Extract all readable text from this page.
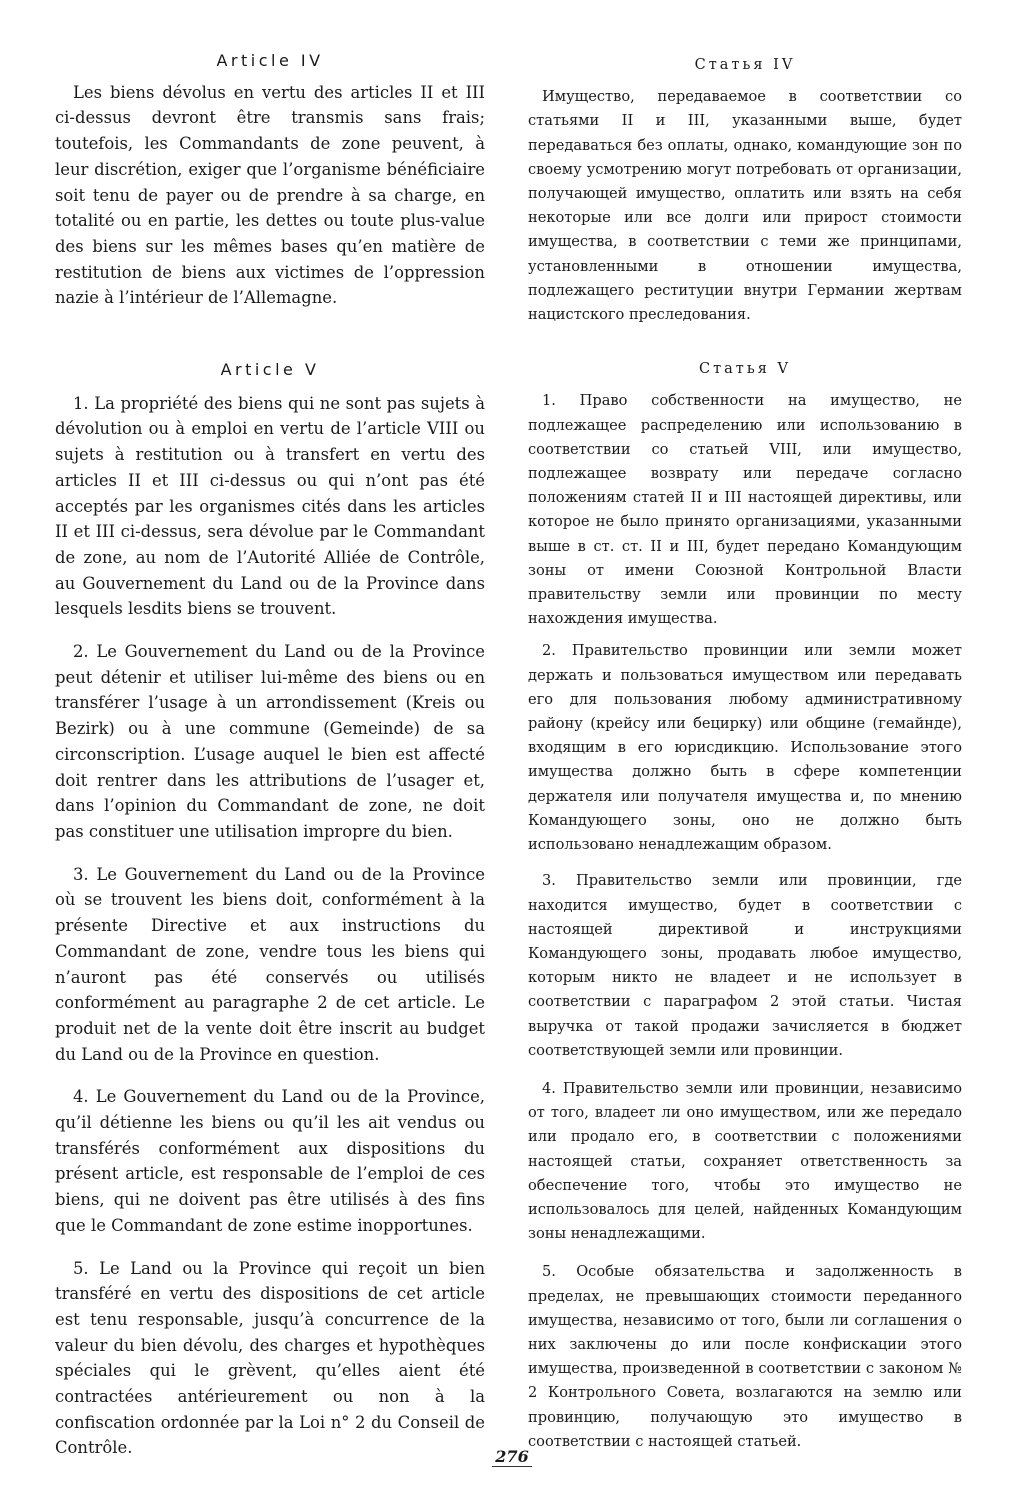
Article IV

Les biens dévolus en vertu des articles II et III ci-dessus devront être transmis sans frais; toutefois, les Commandants de zone peuvent, à leur discrétion, exiger que l’organisme bénéficiaire soit tenu de payer ou de prendre à sa charge, en totalité ou en partie, les dettes ou toute plus-value des biens sur les mêmes bases qu’en matière de restitution de biens aux victimes de l’oppression nazie à l’intérieur de l’Allemagne.

Article V

1. La propriété des biens qui ne sont pas sujets à dévolution ou à emploi en vertu de l’article VIII ou sujets à restitution ou à transfert en vertu des articles II et III ci-dessus ou qui n’ont pas été acceptés par les organismes cités dans les articles II et III ci-dessus, sera dévolue par le Commandant de zone, au nom de l’Autorité Alliée de Contrôle, au Gouvernement du Land ou de la Province dans lesquels lesdits biens se trouvent.

2. Le Gouvernement du Land ou de la Province peut détenir et utiliser lui-même des biens ou en transférer l’usage à un arrondissement (Kreis ou Bezirk) ou à une commune (Gemeinde) de sa circonscription. L’usage auquel le bien est affecté doit rentrer dans les attributions de l’usager et, dans l’opinion du Commandant de zone, ne doit pas constituer une utilisation impropre du bien.

3. Le Gouvernement du Land ou de la Province où se trouvent les biens doit, conformément à la présente Directive et aux instructions du Commandant de zone, vendre tous les biens qui n’auront pas été conservés ou utilisés conformément au paragraphe 2 de cet article. Le produit net de la vente doit être inscrit au budget du Land ou de la Province en question.

4. Le Gouvernement du Land ou de la Province, qu’il détienne les biens ou qu’il les ait vendus ou transférés conformément aux dispositions du présent article, est responsable de l’emploi de ces biens, qui ne doivent pas être utilisés à des fins que le Commandant de zone estime inopportunes.

5. Le Land ou la Province qui reçoit un bien transféré en vertu des dispositions de cet article est tenu responsable, jusqu’à concurrence de la valeur du bien dévolu, des charges et hypothèques spéciales qui le grèvent, qu’elles aient été contractées antérieurement ou non à la confiscation ordonnée par la Loi n° 2 du Conseil de Contrôle.

Статья IV

Имущество, передаваемое в соответствии со статьями II и III, указанными выше, будет передаваться без оплаты, однако, командующие зон по своему усмотрению могут потребовать от организации, получающей имущество, оплатить или взять на себя некоторые или все долги или прирост стоимости имущества, в соответствии с теми же принципами, установленными в отношении имущества, подлежащего реституции внутри Германии жертвам нацистского преследования.

Статья V

1. Право собственности на имущество, не подлежащее распределению или использованию в соответствии со статьей VIII, или имущество, подлежащее возврату или передаче согласно положениям статей II и III настоящей директивы, или которое не было принято организациями, указанными выше в ст. ст. II и III, будет передано Командующим зоны от имени Союзной Контрольной Власти правительству земли или провинции по месту нахождения имущества.

2. Правительство провинции или земли может держать и пользоваться имуществом или передавать его для пользования любому административному району (крейсу или бецирку) или общине (гемайнде), входящим в его юрисдикцию. Использование этого имущества должно быть в сфере компетенции держателя или получателя имущества и, по мнению Командующего зоны, оно не должно быть использовано ненадлежащим образом.

3. Правительство земли или провинции, где находится имущество, будет в соответствии с настоящей директивой и инструкциями Командующего зоны, продавать любое имущество, которым никто не владеет и не использует в соответствии с параграфом 2 этой статьи. Чистая выручка от такой продажи зачисляется в бюджет соответствующей земли или провинции.

4. Правительство земли или провинции, независимо от того, владеет ли оно имуществом, или же передало или продало его, в соответствии с положениями настоящей статьи, сохраняет ответственность за обеспечение того, чтобы это имущество не использовалось для целей, найденных Командующим зоны ненадлежащими.

5. Особые обязательства и задолженность в пределах, не превышающих стоимости переданного имущества, независимо от того, были ли соглашения о них заключены до или после конфискации этого имущества, произведенной в соответствии с законом № 2 Контрольного Совета, возлагаются на землю или провинцию, получающую это имущество в соответствии с настоящей статьей.

276
